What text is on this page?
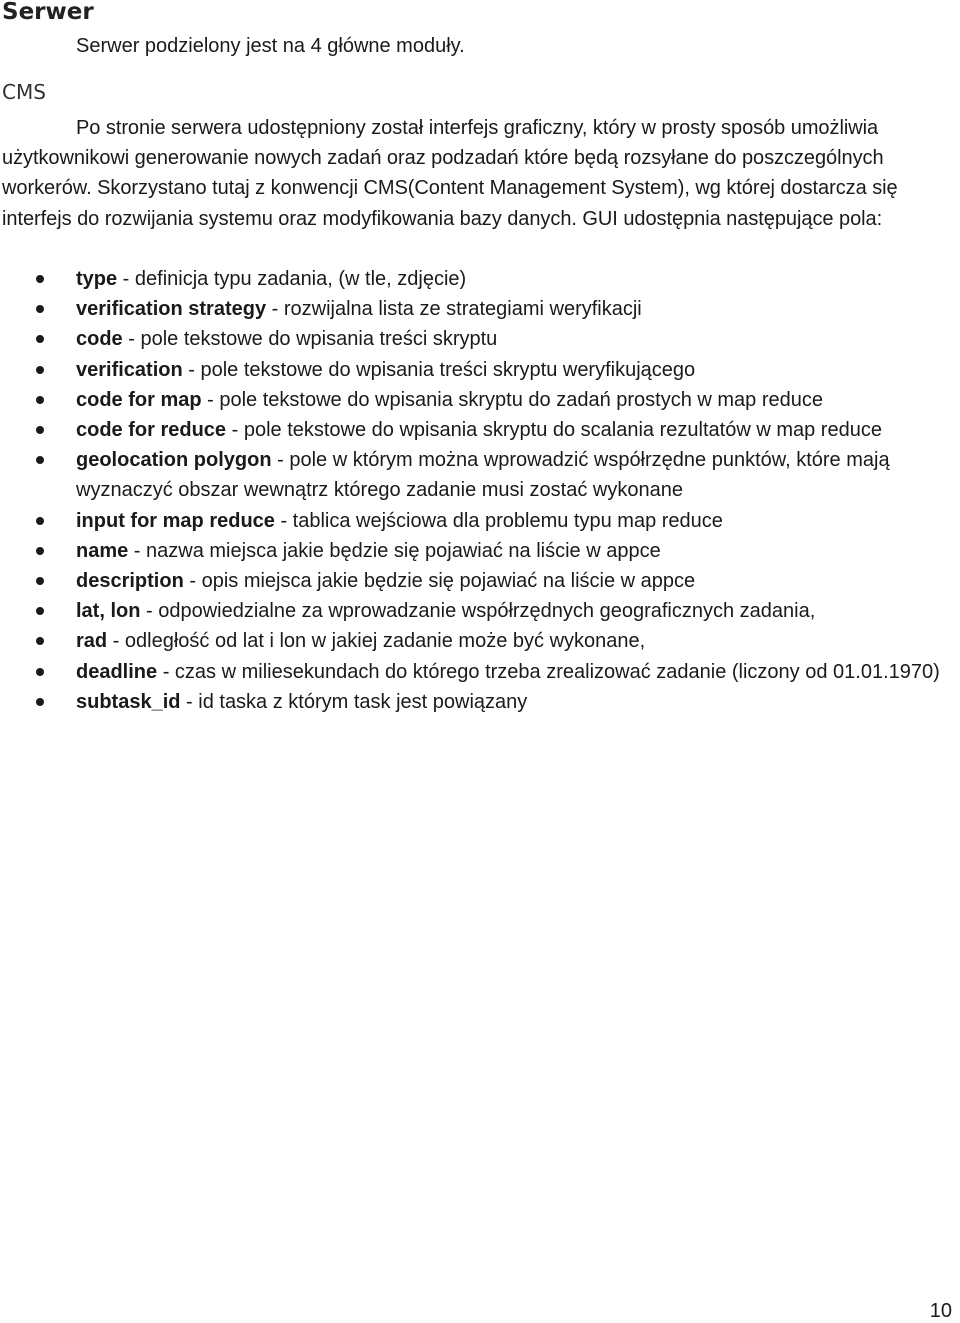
Serwer

Serwer podzielony jest na 4 główne moduły.

CMS

Po stronie serwera udostępniony został interfejs graficzny, który w prosty sposób umożliwia użytkownikowi generowanie nowych zadań oraz podzadań które będą rozsyłane do poszczególnych workerów. Skorzystano tutaj z konwencji CMS(Content Management System), wg której dostarcza się interfejs do rozwijania systemu oraz modyfikowania bazy danych. GUI udostępnia następujące pola:

type - definicja typu zadania, (w tle, zdjęcie)
verification strategy - rozwijalna lista ze strategiami weryfikacji
code - pole tekstowe do wpisania treści skryptu
verification - pole tekstowe do wpisania treści skryptu weryfikującego
code for map - pole tekstowe do wpisania skryptu do zadań prostych w map reduce
code for reduce - pole tekstowe do wpisania skryptu do scalania rezultatów w map reduce
geolocation polygon - pole w którym można wprowadzić współrzędne punktów, które mają wyznaczyć obszar wewnątrz którego zadanie musi zostać wykonane
input for map reduce - tablica wejściowa dla problemu typu map reduce
name - nazwa miejsca jakie będzie się pojawiać na liście w appce
description - opis miejsca jakie będzie się pojawiać na liście w appce
lat, lon - odpowiedzialne za wprowadzanie współrzędnych geograficznych zadania,
rad - odległość od lat i lon w jakiej zadanie może być wykonane,
deadline - czas w miliesekundach do którego trzeba zrealizować zadanie (liczony od 01.01.1970)
subtask_id - id taska z którym task jest powiązany
10
